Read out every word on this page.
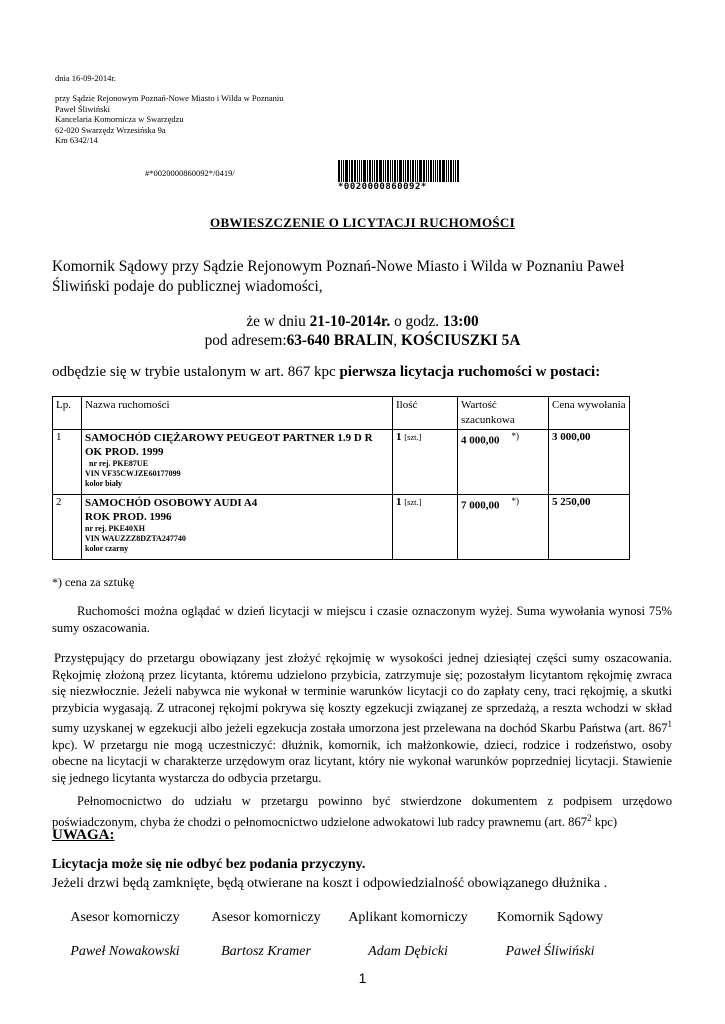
dnia 16-09-2014r.
przy Sądzie Rejonowym Poznań-Nowe Miasto i Wilda w Poznaniu
Paweł Śliwiński
Kancelaria Komornicza w Swarzędzu
62-020 Swarzędz Wrzesińska 9a
Km 6342/14
#*0020000860092*/0419/
*0020000860092*
OBWIESZCZENIE O LICYTACJI RUCHOMOŚCI
Komornik Sądowy przy Sądzie Rejonowym Poznań-Nowe Miasto i Wilda w Poznaniu Paweł Śliwiński podaje do publicznej wiadomości,
że w dniu 21-10-2014r. o godz. 13:00
pod adresem:63-640 BRALIN, KOŚCIUSZKI 5A
odbędzie się w trybie ustalonym w art. 867 kpc pierwsza licytacja ruchomości w postaci:
Lp.	Nazwa ruchomości	Ilość	Wartość szacunkowa	Cena wywołania
1	SAMOCHÓD CIĘŻAROWY PEUGEOT PARTNER 1.9 D R OK PROD. 1999
nr rej. PKE87UE
VIN VF35CWJZE60177099
kolor biały	1 [szt.]	4 000,00 *)	3 000,00
2	SAMOCHÓD OSOBOWY AUDI A4 ROK PROD. 1996
nr rej. PKE40XH
VIN WAUZZZ8DZTA247740
kolor czarny	1 [szt.]	7 000,00 *)	5 250,00
*) cena za sztukę
Ruchomości można oglądać w dzień licytacji w miejscu i czasie oznaczonym wyżej. Suma wywołania wynosi 75% sumy oszacowania.
Przystępujący do przetargu obowiązany jest złożyć rękojmię w wysokości jednej dziesiątej części sumy oszacowania. Rękojmię złożoną przez licytanta, któremu udzielono przybicia, zatrzymuje się; pozostałym licytantom rękojmię zwraca się niezwłocznie. Jeżeli nabywca nie wykonał w terminie warunków licytacji co do zapłaty ceny, traci rękojmię, a skutki przybicia wygasają. Z utraconej rękojmi pokrywa się koszty egzekucji związanej ze sprzedażą, a reszta wchodzi w skład sumy uzyskanej w egzekucji albo jeżeli egzekucja została umorzona jest przelewana na dochód Skarbu Państwa (art. $867^1$ kpc). W przetargu nie mogą uczestniczyć: dłużnik, komornik, ich małżonkowie, dzieci, rodzice i rodzeństwo, osoby obecne na licytacji w charakterze urzędowym oraz licytant, który nie wykonał warunków poprzedniej licytacji. Stawienie się jednego licytanta wystarcza do odbycia przetargu.
Pełnomocnictwo do udziału w przetargu powinno być stwierdzone dokumentem z podpisem urzędowo poświadczonym, chyba że chodzi o pełnomocnictwo udzielone adwokatowi lub radcy prawnemu (art. $867^2$ kpc)
UWAGA:
Licytacja może się nie odbyć bez podania przyczyny.
Jeżeli drzwi będą zamknięte, będą otwierane na koszt i odpowiedzialność obowiązanego dłużnika .
Asesor komorniczy	Asesor komorniczy	Aplikant komorniczy	Komornik Sądowy
Paweł Nowakowski	Bartosz Kramer	Adam Dębicki	Paweł Śliwiński
1
